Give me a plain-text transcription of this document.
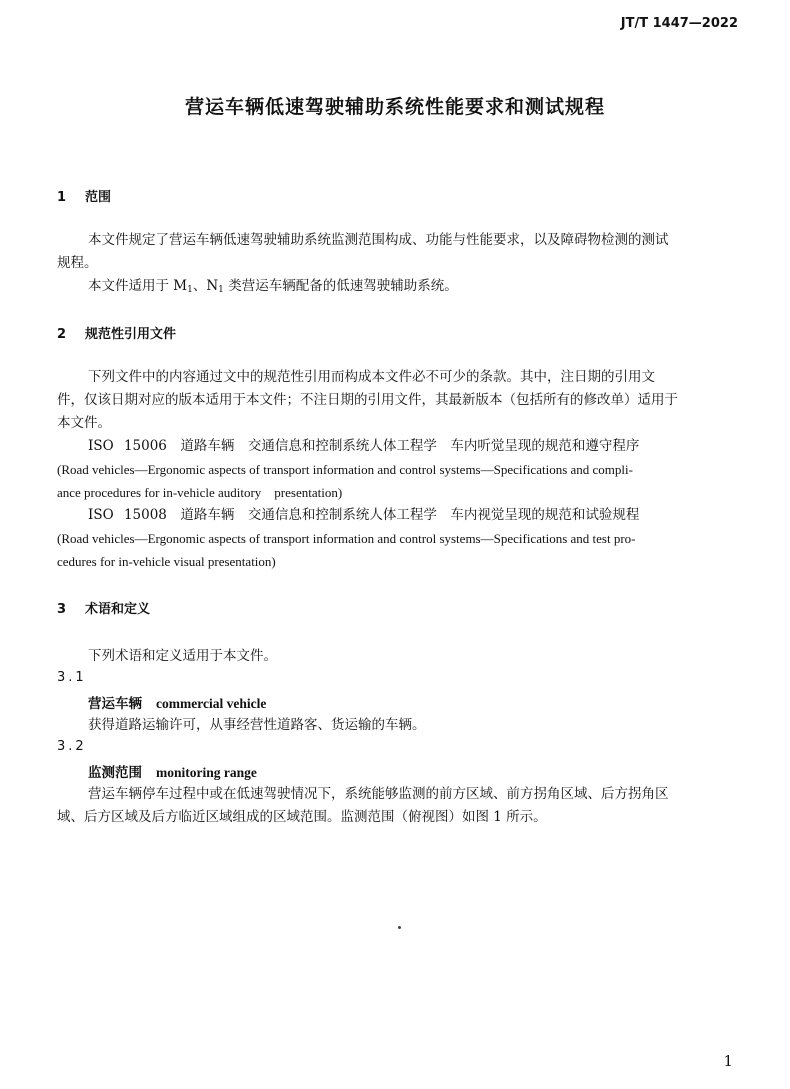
JT/T 1447—2022
营运车辆低速驾驶辅助系统性能要求和测试规程
1 范围
本文件规定了营运车辆低速驾驶辅助系统监测范围构成、功能与性能要求，以及障碍物检测的测试
规程。
本文件适用于 $M_1$、$N_1$ 类营运车辆配备的低速驾驶辅助系统。
2 规范性引用文件
下列文件中的内容通过文中的规范性引用而构成本文件必不可少的条款。其中，注日期的引用文
件，仅该日期对应的版本适用于本文件；不注日期的引用文件，其最新版本（包括所有的修改单）适用于
本文件。
ISO 15006　道路车辆　交通信息和控制系统人体工程学　车内听觉呈现的规范和遵守程序
(Road vehicles—Ergonomic aspects of transport information and control systems—Specifications and compli-
ance procedures for in-vehicle auditory　presentation)
ISO 15008　道路车辆　交通信息和控制系统人体工程学　车内视觉呈现的规范和试验规程
(Road vehicles—Ergonomic aspects of transport information and control systems—Specifications and test pro-
cedures for in-vehicle visual presentation)
3 术语和定义
下列术语和定义适用于本文件。
3.1
营运车辆 commercial vehicle
获得道路运输许可，从事经营性道路客、货运输的车辆。
3.2
监测范围 monitoring range
营运车辆停车过程中或在低速驾驶情况下，系统能够监测的前方区域、前方拐角区域、后方拐角区
域、后方区域及后方临近区域组成的区域范围。监测范围（俯视图）如图 1 所示。
1
